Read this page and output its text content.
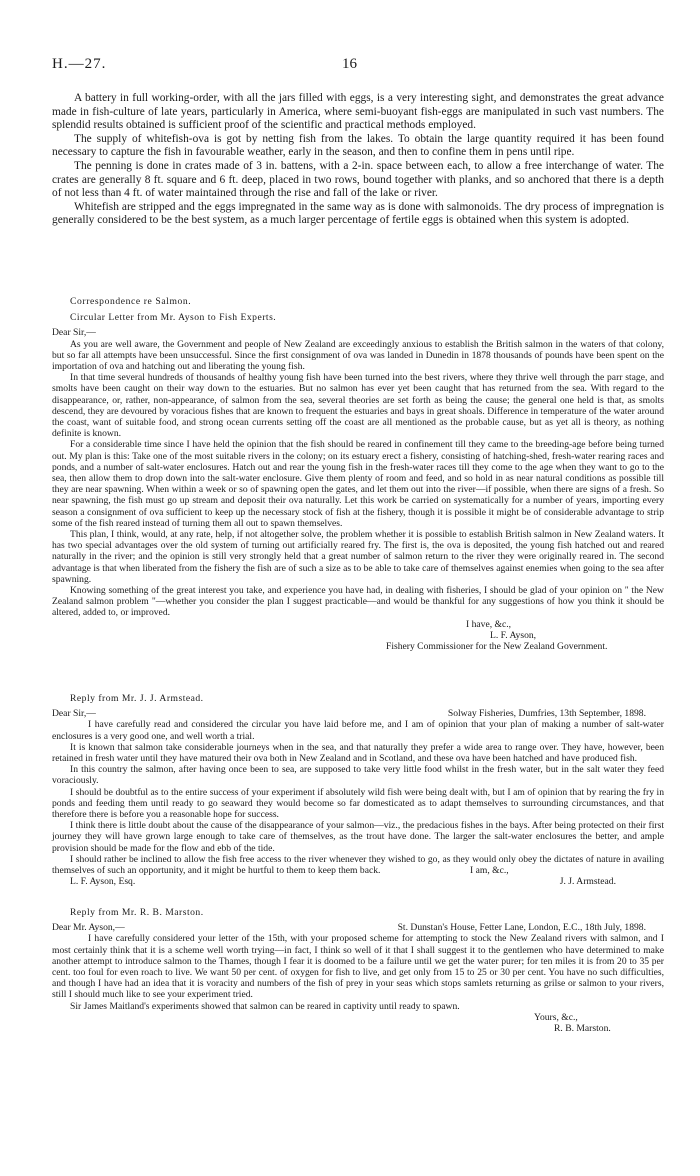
H.—27.	16

A battery in full working-order, with all the jars filled with eggs, is a very interesting sight, and demonstrates the great advance made in fish-culture of late years, particularly in America, where semi-buoyant fish-eggs are manipulated in such vast numbers. The splendid results obtained is sufficient proof of the scientific and practical methods employed.

The supply of whitefish-ova is got by netting fish from the lakes. To obtain the large quantity required it has been found necessary to capture the fish in favourable weather, early in the season, and then to confine them in pens until ripe.

The penning is done in crates made of 3 in. battens, with a 2-in. space between each, to allow a free interchange of water. The crates are generally 8 ft. square and 6 ft. deep, placed in two rows, bound together with planks, and so anchored that there is a depth of not less than 4 ft. of water maintained through the rise and fall of the lake or river.

Whitefish are stripped and the eggs impregnated in the same way as is done with salmonoids. The dry process of impregnation is generally considered to be the best system, as a much larger percentage of fertile eggs is obtained when this system is adopted.

Correspondence re Salmon.

Circular Letter from Mr. Ayson to Fish Experts.

Dear Sir,—

As you are well aware, the Government and people of New Zealand are exceedingly anxious to establish the British salmon in the waters of that colony, but so far all attempts have been unsuccessful. Since the first consignment of ova was landed in Dunedin in 1878 thousands of pounds have been spent on the importation of ova and hatching out and liberating the young fish.

In that time several hundreds of thousands of healthy young fish have been turned into the best rivers, where they thrive well through the parr stage, and smolts have been caught on their way down to the estuaries. But no salmon has ever yet been caught that has returned from the sea. With regard to the disappearance, or, rather, non-appearance, of salmon from the sea, several theories are set forth as being the cause; the general one held is that, as smolts descend, they are devoured by voracious fishes that are known to frequent the estuaries and bays in great shoals. Difference in temperature of the water around the coast, want of suitable food, and strong ocean currents setting off the coast are all mentioned as the probable cause, but as yet all is theory, as nothing definite is known.

For a considerable time since I have held the opinion that the fish should be reared in confinement till they came to the breeding-age before being turned out. My plan is this: Take one of the most suitable rivers in the colony; on its estuary erect a fishery, consisting of hatching-shed, fresh-water rearing races and ponds, and a number of salt-water enclosures. Hatch out and rear the young fish in the fresh-water races till they come to the age when they want to go to the sea, then allow them to drop down into the salt-water enclosure. Give them plenty of room and feed, and so hold in as near natural conditions as possible till they are near spawning. When within a week or so of spawning open the gates, and let them out into the river—if possible, when there are signs of a fresh. So near spawning, the fish must go up stream and deposit their ova naturally. Let this work be carried on systematically for a number of years, importing every season a consignment of ova sufficient to keep up the necessary stock of fish at the fishery, though it is possible it might be of considerable advantage to strip some of the fish reared instead of turning them all out to spawn themselves.

This plan, I think, would, at any rate, help, if not altogether solve, the problem whether it is possible to establish British salmon in New Zealand waters. It has two special advantages over the old system of turning out artificially reared fry. The first is, the ova is deposited, the young fish hatched out and reared naturally in the river; and the opinion is still very strongly held that a great number of salmon return to the river they were originally reared in. The second advantage is that when liberated from the fishery the fish are of such a size as to be able to take care of themselves against enemies when going to the sea after spawning.

Knowing something of the great interest you take, and experience you have had, in dealing with fisheries, I should be glad of your opinion on " the New Zealand salmon problem "—whether you consider the plan I suggest practicable—and would be thankful for any suggestions of how you think it should be altered, added to, or improved.

I have, &c.,

L. F. Ayson,

Fishery Commissioner for the New Zealand Government.

Reply from Mr. J. J. Armstead.

Dear Sir,—	Solway Fisheries, Dumfries, 13th September, 1898.

I have carefully read and considered the circular you have laid before me, and I am of opinion that your plan of making a number of salt-water enclosures is a very good one, and well worth a trial.

It is known that salmon take considerable journeys when in the sea, and that naturally they prefer a wide area to range over. They have, however, been retained in fresh water until they have matured their ova both in New Zealand and in Scotland, and these ova have been hatched and have produced fish.

In this country the salmon, after having once been to sea, are supposed to take very little food whilst in the fresh water, but in the salt water they feed voraciously.

I should be doubtful as to the entire success of your experiment if absolutely wild fish were being dealt with, but I am of opinion that by rearing the fry in ponds and feeding them until ready to go seaward they would become so far domesticated as to adapt themselves to surrounding circumstances, and that therefore there is before you a reasonable hope for success.

I think there is little doubt about the cause of the disappearance of your salmon—viz., the predacious fishes in the bays. After being protected on their first journey they will have grown large enough to take care of themselves, as the trout have done. The larger the salt-water enclosures the better, and ample provision should be made for the flow and ebb of the tide.

I should rather be inclined to allow the fish free access to the river whenever they wished to go, as they would only obey the dictates of nature in availing themselves of such an opportunity, and it might be hurtful to them to keep them back.	I am, &c.,

L. F. Ayson, Esq.	J. J. Armstead.

Reply from Mr. R. B. Marston.

Dear Mr. Ayson,—	St. Dunstan's House, Fetter Lane, London, E.C., 18th July, 1898.

I have carefully considered your letter of the 15th, with your proposed scheme for attempting to stock the New Zealand rivers with salmon, and I most certainly think that it is a scheme well worth trying—in fact, I think so well of it that I shall suggest it to the gentlemen who have determined to make another attempt to introduce salmon to the Thames, though I fear it is doomed to be a failure until we get the water purer; for ten miles it is from 20 to 35 per cent. too foul for even roach to live. We want 50 per cent. of oxygen for fish to live, and get only from 15 to 25 or 30 per cent. You have no such difficulties, and though I have had an idea that it is voracity and numbers of the fish of prey in your seas which stops samlets returning as grilse or salmon to your rivers, still I should much like to see your experiment tried.

Sir James Maitland's experiments showed that salmon can be reared in captivity until ready to spawn.

Yours, &c.,

R. B. Marston.
